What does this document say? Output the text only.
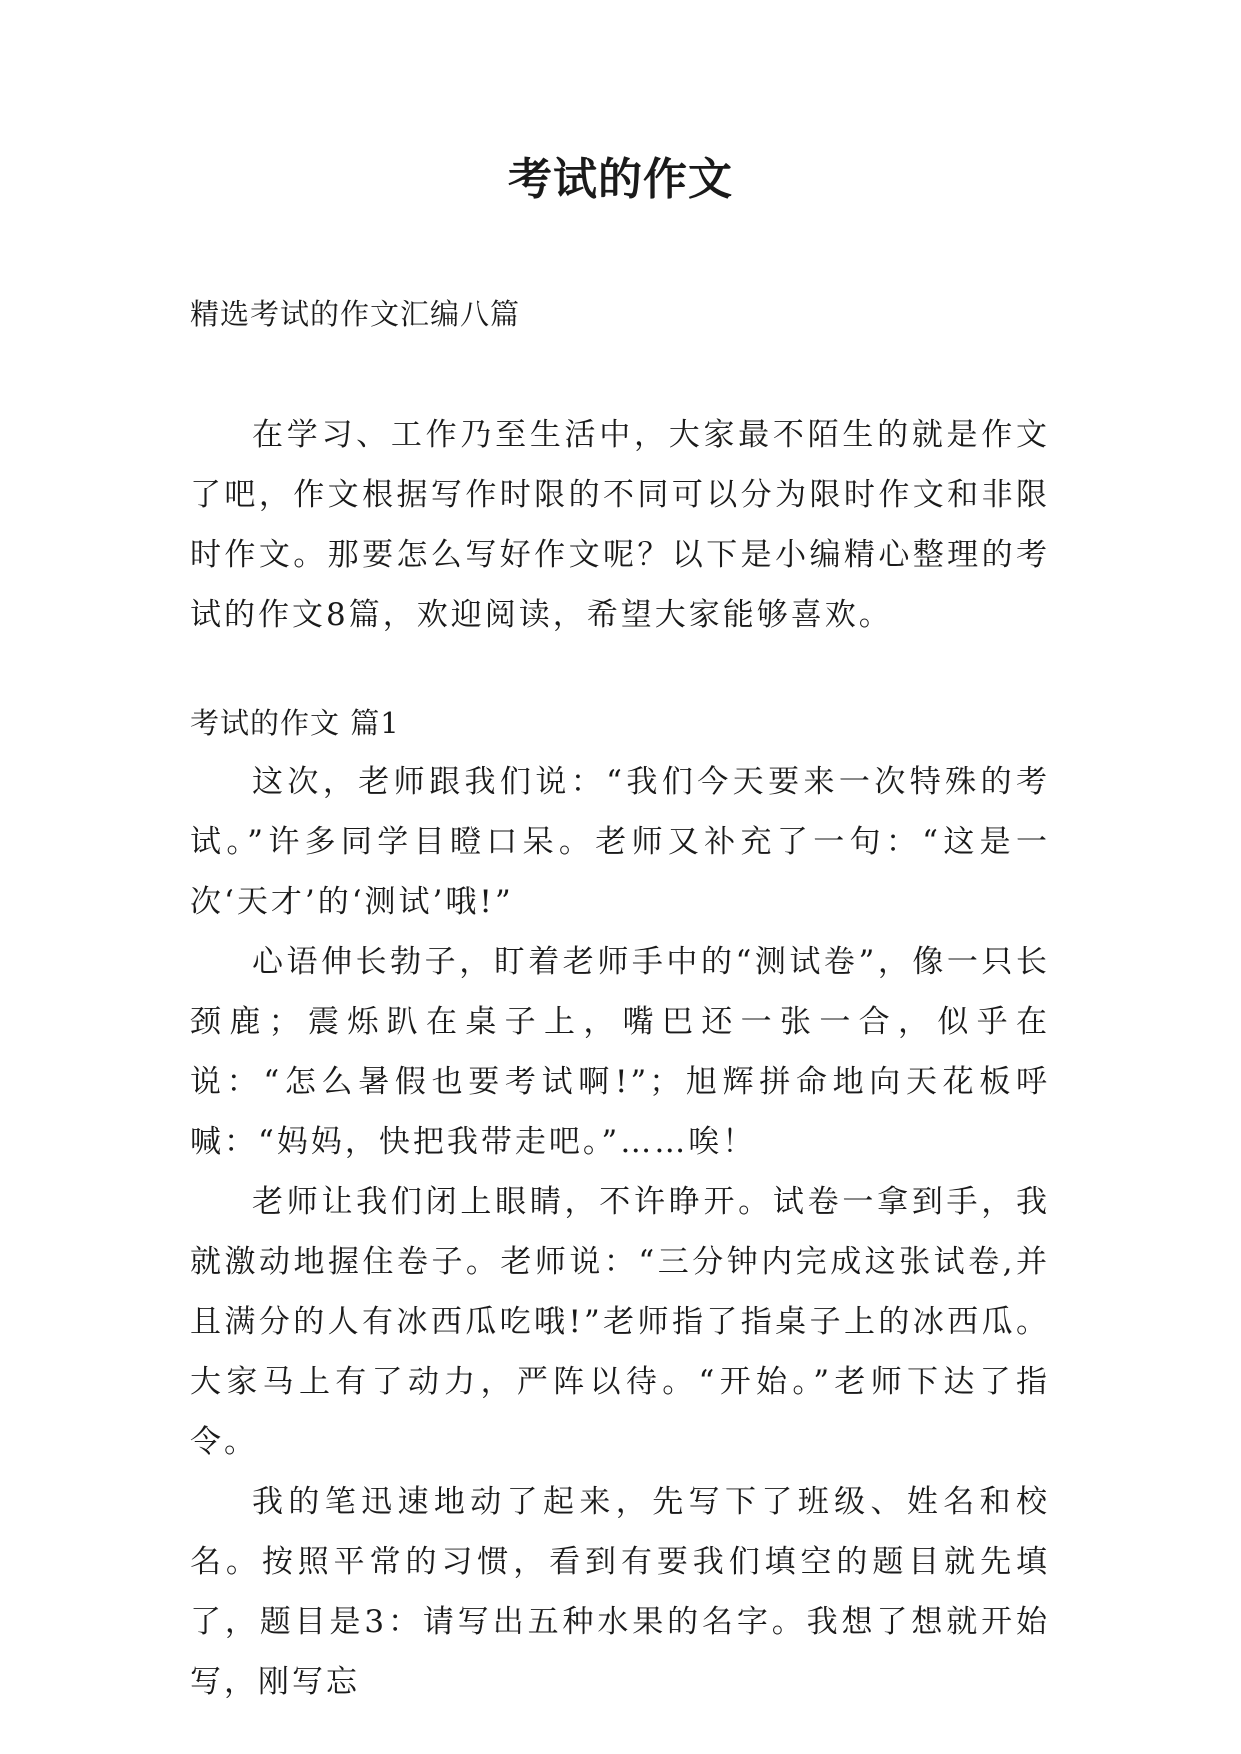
考试的作文
精选考试的作文汇编八篇

在学习、工作乃至生活中，大家最不陌生的就是作文了吧，作文根据写作时限的不同可以分为限时作文和非限时作文。那要怎么写好作文呢？以下是小编精心整理的考试的作文8篇，欢迎阅读，希望大家能够喜欢。

考试的作文 篇1

这次，老师跟我们说：“我们今天要来一次特殊的考试。”许多同学目瞪口呆。老师又补充了一句：“这是一次‘天才’的‘测试’哦!”

心语伸长勃子，盯着老师手中的“测试卷”，像一只长颈鹿；震烁趴在桌子上，嘴巴还一张一合，似乎在说：“怎么暑假也要考试啊!”；旭辉拼命地向天花板呼喊：“妈妈，快把我带走吧。”……唉！

老师让我们闭上眼睛，不许睁开。试卷一拿到手，我就激动地握住卷子。老师说：“三分钟内完成这张试卷,并且满分的人有冰西瓜吃哦!”老师指了指桌子上的冰西瓜。大家马上有了动力，严阵以待。“开始。”老师下达了指令。

我的笔迅速地动了起来，先写下了班级、姓名和校名。按照平常的习惯，看到有要我们填空的题目就先填了，题目是3：请写出五种水果的名字。我想了想就开始写，刚写忘
